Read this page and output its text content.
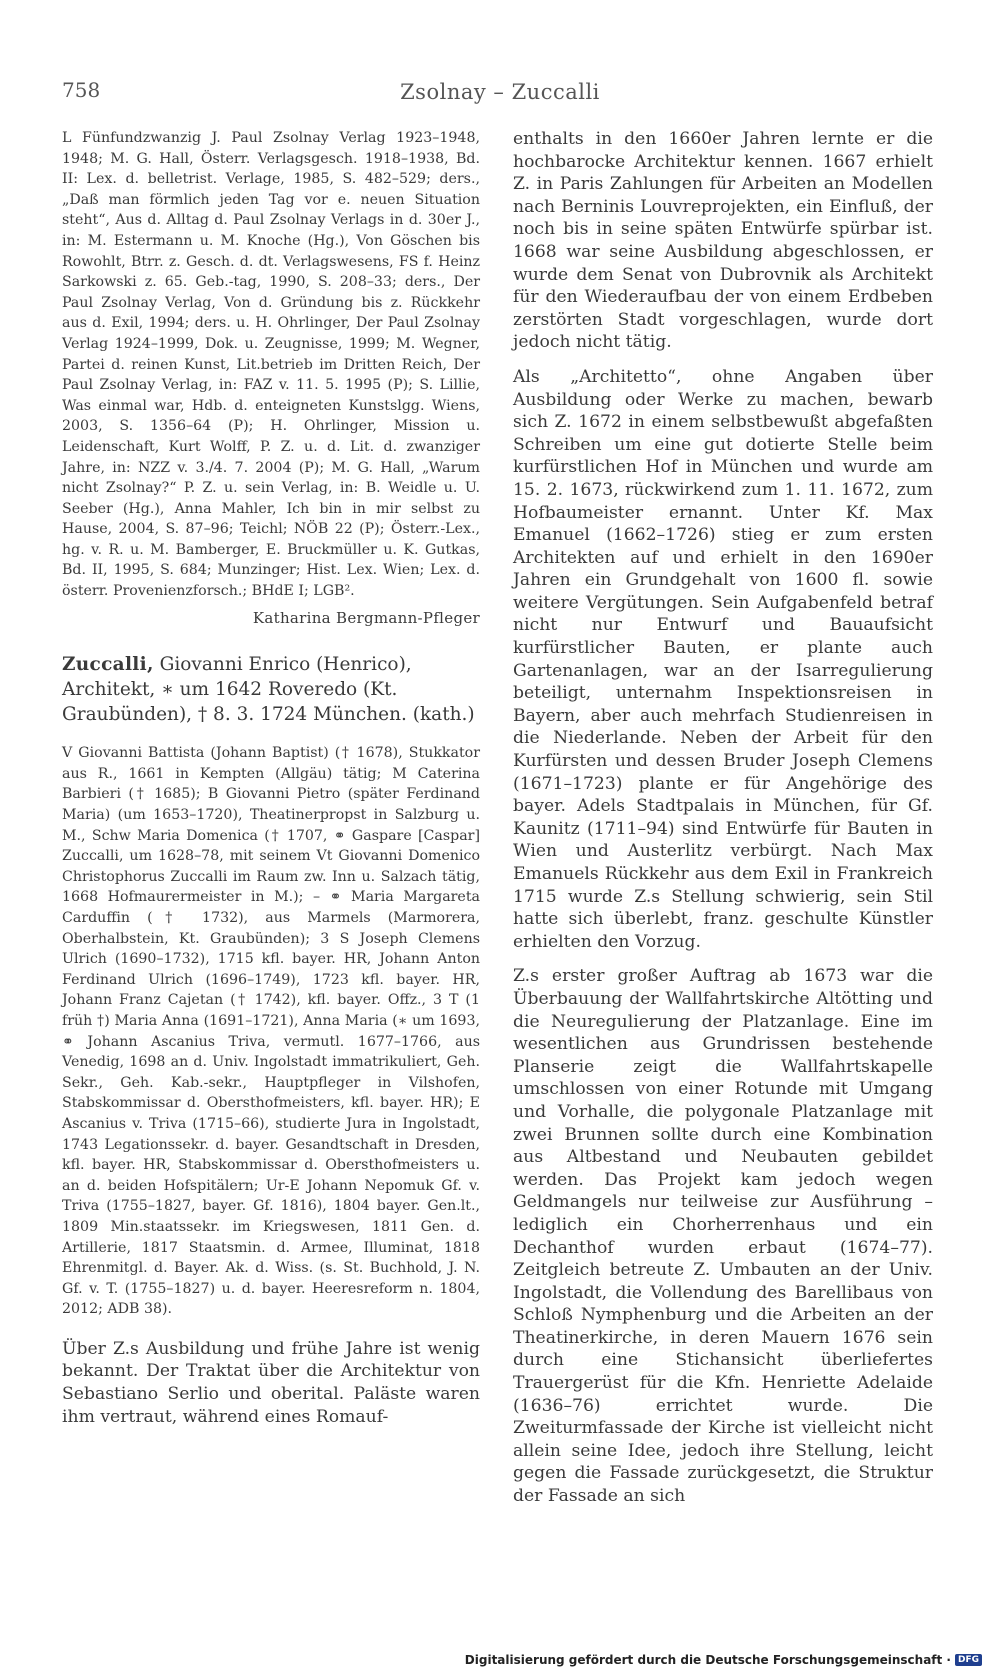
758	Zsolnay – Zuccalli

L Fünfundzwanzig J. Paul Zsolnay Verlag 1923–1948, 1948; M. G. Hall, Österr. Verlagsgesch. 1918–1938, Bd. II: Lex. d. belletrist. Verlage, 1985, S. 482–529; ders., „Daß man förmlich jeden Tag vor e. neuen Situation steht“, Aus d. Alltag d. Paul Zsolnay Verlags in d. 30er J., in: M. Estermann u. M. Knoche (Hg.), Von Göschen bis Rowohlt, Btrr. z. Gesch. d. dt. Verlagswesens, FS f. Heinz Sarkowski z. 65. Geb.-tag, 1990, S. 208–33; ders., Der Paul Zsolnay Verlag, Von d. Gründung bis z. Rückkehr aus d. Exil, 1994; ders. u. H. Ohrlinger, Der Paul Zsolnay Verlag 1924–1999, Dok. u. Zeugnisse, 1999; M. Wegner, Partei d. reinen Kunst, Lit.betrieb im Dritten Reich, Der Paul Zsolnay Verlag, in: FAZ v. 11. 5. 1995 (P); S. Lillie, Was einmal war, Hdb. d. enteigneten Kunstslgg. Wiens, 2003, S. 1356–64 (P); H. Ohrlinger, Mission u. Leidenschaft, Kurt Wolff, P. Z. u. d. Lit. d. zwanziger Jahre, in: NZZ v. 3./4. 7. 2004 (P); M. G. Hall, „Warum nicht Zsolnay?“ P. Z. u. sein Verlag, in: B. Weidle u. U. Seeber (Hg.), Anna Mahler, Ich bin in mir selbst zu Hause, 2004, S. 87–96; Teichl; NÖB 22 (P); Österr.-Lex., hg. v. R. u. M. Bamberger, E. Bruckmüller u. K. Gutkas, Bd. II, 1995, S. 684; Munzinger; Hist. Lex. Wien; Lex. d. österr. Provenienzforsch.; BHdE I; LGB².

Katharina Bergmann-Pfleger

Zuccalli, Giovanni Enrico (Henrico), Architekt, ∗ um 1642 Roveredo (Kt. Graubünden), † 8. 3. 1724 München. (kath.)

V Giovanni Battista (Johann Baptist) († 1678), Stukkator aus R., 1661 in Kempten (Allgäu) tätig; M Caterina Barbieri († 1685); B Giovanni Pietro (später Ferdinand Maria) (um 1653–1720), Theatinerpropst in Salzburg u. M., Schw Maria Domenica († 1707, ⚭ Gaspare [Caspar] Zuccalli, um 1628–78, mit seinem Vt Giovanni Domenico Christophorus Zuccalli im Raum zw. Inn u. Salzach tätig, 1668 Hofmaurermeister in M.); – ⚭ Maria Margareta Carduffin († 1732), aus Marmels (Marmorera, Oberhalbstein, Kt. Graubünden); 3 S Joseph Clemens Ulrich (1690–1732), 1715 kfl. bayer. HR, Johann Anton Ferdinand Ulrich (1696–1749), 1723 kfl. bayer. HR, Johann Franz Cajetan († 1742), kfl. bayer. Offz., 3 T (1 früh †) Maria Anna (1691–1721), Anna Maria (∗ um 1693, ⚭ Johann Ascanius Triva, vermutl. 1677–1766, aus Venedig, 1698 an d. Univ. Ingolstadt immatrikuliert, Geh. Sekr., Geh. Kab.-sekr., Hauptpfleger in Vilshofen, Stabskommissar d. Obersthofmeisters, kfl. bayer. HR); E Ascanius v. Triva (1715–66), studierte Jura in Ingolstadt, 1743 Legationssekr. d. bayer. Gesandtschaft in Dresden, kfl. bayer. HR, Stabskommissar d. Obersthofmeisters u. an d. beiden Hofspitälern; Ur-E Johann Nepomuk Gf. v. Triva (1755–1827, bayer. Gf. 1816), 1804 bayer. Gen.lt., 1809 Min.staatssekr. im Kriegswesen, 1811 Gen. d. Artillerie, 1817 Staatsmin. d. Armee, Illuminat, 1818 Ehrenmitgl. d. Bayer. Ak. d. Wiss. (s. St. Buchhold, J. N. Gf. v. T. (1755–1827) u. d. bayer. Heeresreform n. 1804, 2012; ADB 38).

Über Z.s Ausbildung und frühe Jahre ist wenig bekannt. Der Traktat über die Architektur von Sebastiano Serlio und oberital. Paläste waren ihm vertraut, während eines Romauf-

enthalts in den 1660er Jahren lernte er die hochbarocke Architektur kennen. 1667 erhielt Z. in Paris Zahlungen für Arbeiten an Modellen nach Berninis Louvreprojekten, ein Einfluß, der noch bis in seine späten Entwürfe spürbar ist. 1668 war seine Ausbildung abgeschlossen, er wurde dem Senat von Dubrovnik als Architekt für den Wiederaufbau der von einem Erdbeben zerstörten Stadt vorgeschlagen, wurde dort jedoch nicht tätig.

Als „Architetto“, ohne Angaben über Ausbildung oder Werke zu machen, bewarb sich Z. 1672 in einem selbstbewußt abgefaßten Schreiben um eine gut dotierte Stelle beim kurfürstlichen Hof in München und wurde am 15. 2. 1673, rückwirkend zum 1. 11. 1672, zum Hofbaumeister ernannt. Unter Kf. Max Emanuel (1662–1726) stieg er zum ersten Architekten auf und erhielt in den 1690er Jahren ein Grundgehalt von 1600 fl. sowie weitere Vergütungen. Sein Aufgabenfeld betraf nicht nur Entwurf und Bauaufsicht kurfürstlicher Bauten, er plante auch Gartenanlagen, war an der Isarregulierung beteiligt, unternahm Inspektionsreisen in Bayern, aber auch mehrfach Studienreisen in die Niederlande. Neben der Arbeit für den Kurfürsten und dessen Bruder Joseph Clemens (1671–1723) plante er für Angehörige des bayer. Adels Stadtpalais in München, für Gf. Kaunitz (1711–94) sind Entwürfe für Bauten in Wien und Austerlitz verbürgt. Nach Max Emanuels Rückkehr aus dem Exil in Frankreich 1715 wurde Z.s Stellung schwierig, sein Stil hatte sich überlebt, franz. geschulte Künstler erhielten den Vorzug.

Z.s erster großer Auftrag ab 1673 war die Überbauung der Wallfahrtskirche Altötting und die Neuregulierung der Platzanlage. Eine im wesentlichen aus Grundrissen bestehende Planserie zeigt die Wallfahrtskapelle umschlossen von einer Rotunde mit Umgang und Vorhalle, die polygonale Platzanlage mit zwei Brunnen sollte durch eine Kombination aus Altbestand und Neubauten gebildet werden. Das Projekt kam jedoch wegen Geldmangels nur teilweise zur Ausführung – lediglich ein Chorherrenhaus und ein Dechanthof wurden erbaut (1674–77). Zeitgleich betreute Z. Umbauten an der Univ. Ingolstadt, die Vollendung des Barellibaus von Schloß Nymphenburg und die Arbeiten an der Theatinerkirche, in deren Mauern 1676 sein durch eine Stichansicht überliefertes Trauergerüst für die Kfn. Henriette Adelaide (1636–76) errichtet wurde. Die Zweiturmfassade der Kirche ist vielleicht nicht allein seine Idee, jedoch ihre Stellung, leicht gegen die Fassade zurückgesetzt, die Struktur der Fassade an sich

Digitalisierung gefördert durch die Deutsche Forschungsgemeinschaft · DFG
